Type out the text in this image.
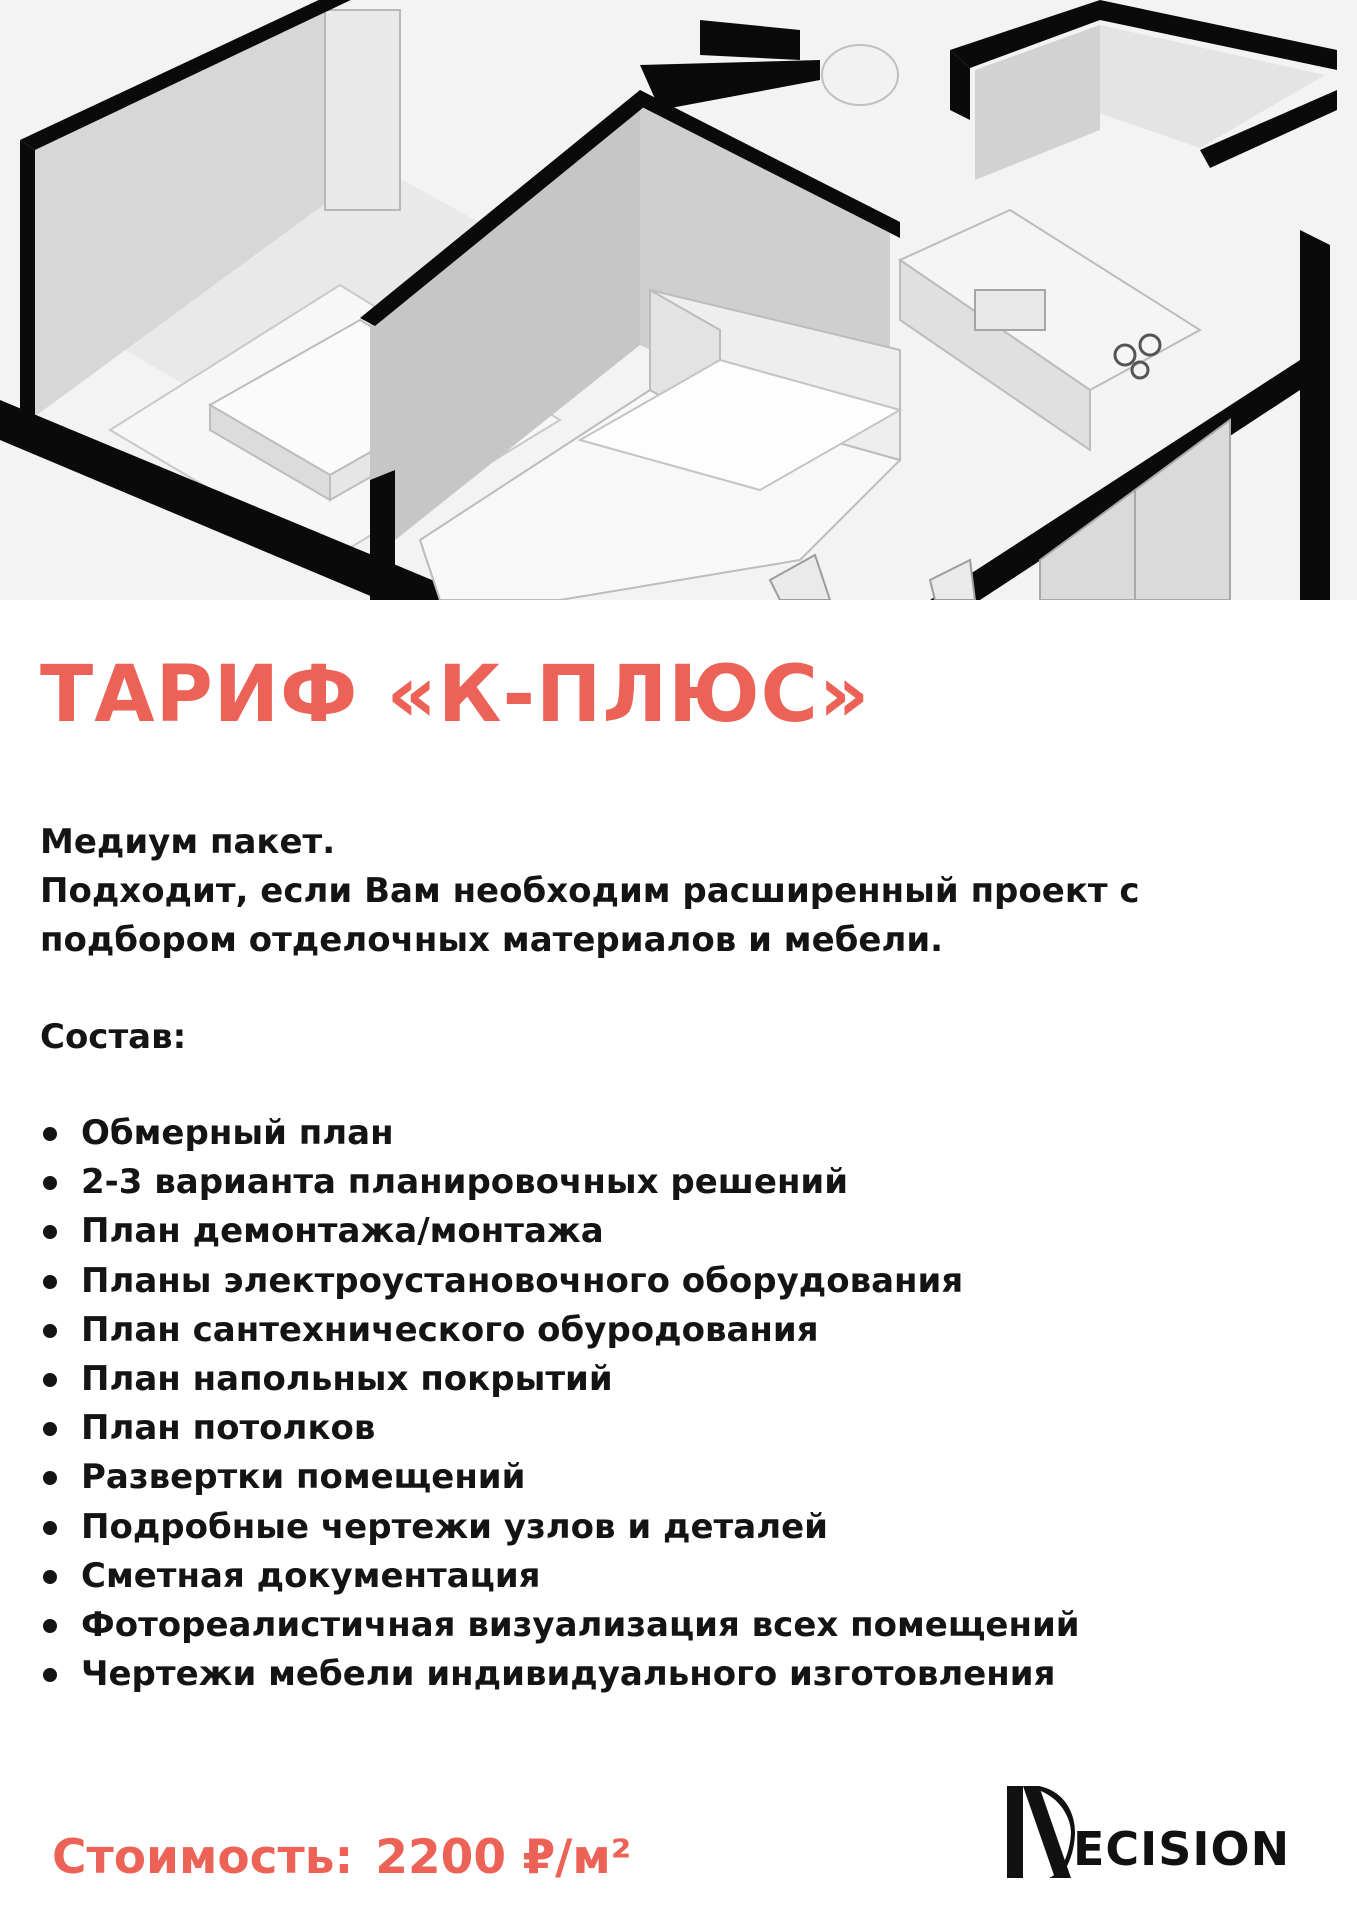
ТАРИФ «К-ПЛЮС»

Медиум пакет.

Подходит, если Вам необходим расширенный проект с подбором отделочных материалов и мебели.

Состав:

Обмерный план
2-3 варианта планировочных решений
План демонтажа/монтажа
Планы электроустановочного оборудования
План сантехнического обуродования
План напольных покрытий
План потолков
Развертки помещений
Подробные чертежи узлов и деталей
Сметная документация
Фотореалистичная визуализация всех помещений
Чертежи мебели индивидуального изготовления
Стоимость: 2200 ₽/м²	ECISION
